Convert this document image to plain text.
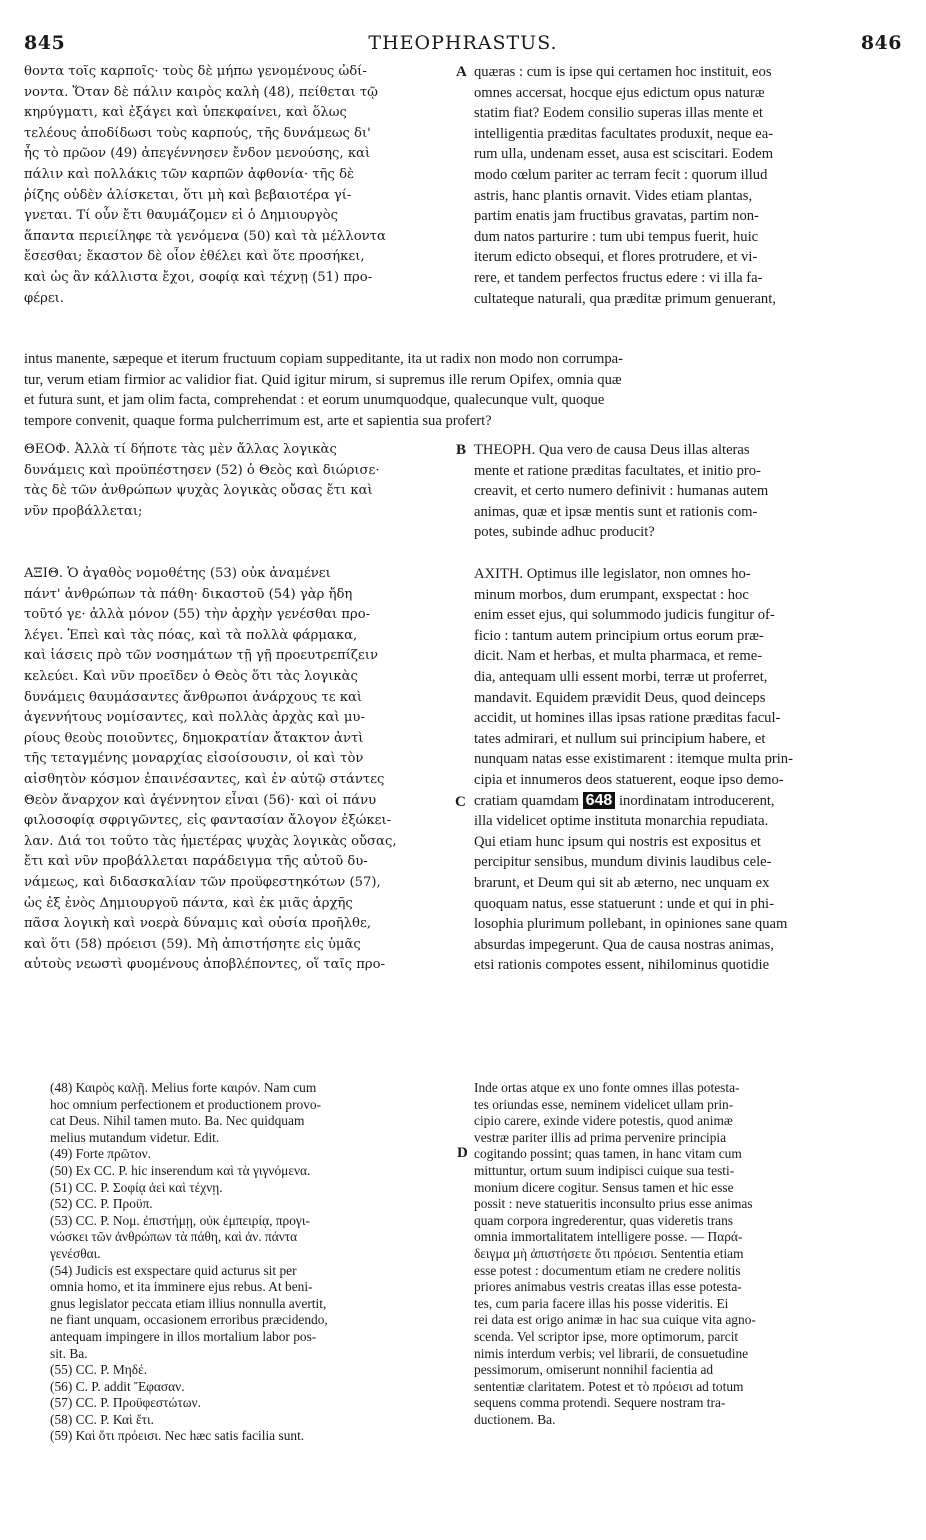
845	THEOPHRASTUS.	846
θοντα τοῖς καρποῖς· τοὺς δὲ μήπω γενομένους ὠδί-
νοντα. Ὅταν δὲ πάλιν καιρὸς καλὴ (48), πείθεται τῷ
κηρύγματι, καὶ ἐξάγει καὶ ὑπεκφαίνει, καὶ ὅλως
τελέους ἀποδίδωσι τοὺς καρπούς, τῆς δυνάμεως δι'
ἧς τὸ πρῶον (49) ἀπεγέννησεν ἔνδον μενούσης, καὶ
πάλιν καὶ πολλάκις τῶν καρπῶν ἀφθονία· τῆς δὲ
ῥίζης οὐδὲν ἁλίσκεται, ὅτι μὴ καὶ βεβαιοτέρα γί-
γνεται. Τί οὖν ἔτι θαυμάζομεν εἰ ὁ Δημιουργὸς
ἅπαντα περιείληφε τὰ γενόμενα (50) καὶ τὰ μέλλοντα
ἔσεσθαι; ἕκαστον δὲ οἷον ἐθέλει καὶ ὅτε προσήκει,
καὶ ὡς ἂν κάλλιστα ἔχοι, σοφίᾳ καὶ τέχνῃ (51) προ-
φέρει.
A quæras : cum is ipse qui certamen hoc instituit, eos
omnes accersat, hocque ejus edictum opus naturæ
statim fiat? Eodem consilio superas illas mente et
intelligentia præditas facultates produxit, neque ea-
rum ulla, undenam esset, ausa est sciscitari. Eodem
modo cœlum pariter ac terram fecit : quorum illud
astris, hanc plantis ornavit. Vides etiam plantas,
partim enatis jam fructibus gravatas, partim non-
dum natos parturire : tum ubi tempus fuerit, huic
iterum edicto obsequi, et flores protrudere, et vi-
rere, et tandem perfectos fructus edere : vi illa fa-
cultateque naturali, qua præditæ primum genuerant,
intus manente, sæpeque et iterum fructuum copiam suppeditante, ita ut radix non modo non corrumpa-
tur, verum etiam firmior ac validior fiat. Quid igitur mirum, si supremus ille rerum Opifex, omnia quæ
et futura sunt, et jam olim facta, comprehendat : et eorum unumquodque, qualecunque vult, quoque
tempore convenit, quaque forma pulcherrimum est, arte et sapientia sua profert?
ΘΕΟΦ. Ἀλλὰ τί δήποτε τὰς μὲν ἄλλας λογικὰς
δυνάμεις καὶ προϋπέστησεν (52) ὁ Θεὸς καὶ διώρισε·
τὰς δὲ τῶν ἀνθρώπων ψυχὰς λογικὰς οὔσας ἔτι καὶ
νῦν προβάλλεται;
B THEOPH. Qua vero de causa Deus illas alteras
mente et ratione præditas facultates, et initio pro-
creavit, et certo numero definivit : humanas autem
animas, quæ et ipsæ mentis sunt et rationis com-
potes, subinde adhuc producit?
ΑΞΙΘ. Ὁ ἀγαθὸς νομοθέτης (53) οὐκ ἀναμένει
πάντ' ἀνθρώπων τὰ πάθη· δικαστοῦ (54) γὰρ ἤδη
τοῦτό γε· ἀλλὰ μόνον (55) τὴν ἀρχὴν γενέσθαι προ-
λέγει. Ἐπεὶ καὶ τὰς πόας, καὶ τὰ πολλὰ φάρμακα,
καὶ ἰάσεις πρὸ τῶν νοσημάτων τῇ γῇ προευτρεπίζειν
κελεύει. Καὶ νῦν προεῖδεν ὁ Θεὸς ὅτι τὰς λογικὰς
δυνάμεις θαυμάσαντες ἄνθρωποι ἀνάρχους τε καὶ
ἀγεννήτους νομίσαντες, καὶ πολλὰς ἀρχὰς καὶ μυ-
ρίους θεοὺς ποιοῦντες, δημοκρατίαν ἄτακτον ἀντὶ
τῆς τεταγμένης μοναρχίας εἰσοίσουσιν, οἱ καὶ τὸν
αἰσθητὸν κόσμον ἐπαινέσαντες, καὶ ἐν αὐτῷ στάντες
Θεὸν ἄναρχον καὶ ἀγέννητον εἶναι (56)· καὶ οἱ πάνυ
φιλοσοφίᾳ σφριγῶντες, εἰς φαντασίαν ἄλογον ἐξώκει-
λαν. Διά τοι τοῦτο τὰς ἡμετέρας ψυχὰς λογικὰς οὔσας,
ἔτι καὶ νῦν προβάλλεται παράδειγμα τῆς αὐτοῦ δυ-
νάμεως, καὶ διδασκαλίαν τῶν προϋφεστηκότων (57),
ὡς ἐξ ἑνὸς Δημιουργοῦ πάντα, καὶ ἐκ μιᾶς ἀρχῆς
πᾶσα λογικὴ καὶ νοερὰ δύναμις καὶ οὐσία προῆλθε,
καὶ ὅτι (58) πρόεισι (59). Μὴ ἀπιστήσητε εἰς ὑμᾶς
αὐτοὺς νεωστὶ φυομένους ἀποβλέποντες, οἵ ταῖς προ-
C
AXITH. Optimus ille legislator, non omnes ho-
minum morbos, dum erumpant, exspectat : hoc
enim esset ejus, qui solummodo judicis fungitur of-
ficio : tantum autem principium ortus eorum præ-
dicit. Nam et herbas, et multa pharmaca, et reme-
dia, antequam ulli essent morbi, terræ ut proferret,
mandavit. Equidem prævidit Deus, quod deinceps
accidit, ut homines illas ipsas ratione præditas facul-
tates admirari, et nullum sui principium habere, et
nunquam natas esse existimarent : itemque multa prin-
cipia et innumeros deos statuerent, eoque ipso demo-
cratiam quamdam 648 inordinatam introducerent,
illa videlicet optime instituta monarchia repudiata.
Qui etiam hunc ipsum qui nostris est expositus et
percipitur sensibus, mundum divinis laudibus cele-
brarunt, et Deum qui sit ab æterno, nec unquam ex
quoquam natus, esse statuerunt : unde et qui in phi-
losophia plurimum pollebant, in opiniones sane quam
absurdas impegerunt. Qua de causa nostras animas,
etsi rationis compotes essent, nihilominus quotidie
(48) Καιρὸς καλῇ. Melius forte καιρόν. Nam cum
hoc omnium perfectionem et productionem provo-
cat Deus. Nihil tamen muto. Ba. Nec quidquam
melius mutandum videtur. Edit.
(49) Forte πρῶτον.
(50) Ex CC. P. hic inserendum καὶ τὰ γιγνόμενα.
(51) CC. P. Σοφίᾳ ἀεὶ καὶ τέχνῃ.
(52) CC. P. Προϋπ.
(53) CC. P. Νομ. ἐπιστήμῃ, οὐκ ἐμπειρίᾳ, προγι-
νώσκει τῶν ἀνθρώπων τὰ πάθη, καὶ ἀν. πάντα
γενέσθαι.
(54) Judicis est exspectare quid acturus sit per
omnia homo, et ita imminere ejus rebus. At beni-
gnus legislator peccata etiam illius nonnulla avertit,
ne fiant unquam, occasionem erroribus præcidendo,
antequam impingere in illos mortalium labor pos-
sit. Ba.
(55) CC. P. Μηδέ.
(56) C. P. addit Ἔφασαν.
(57) CC. P. Προϋφεστώτων.
(58) CC. P. Καὶ ἔτι.
(59) Καὶ ὅτι πρόεισι. Nec hæc satis facilia sunt.
D
Inde ortas atque ex uno fonte omnes illas potesta-
tes oriundas esse, neminem videlicet ullam prin-
cipio carere, exinde videre potestis, quod animæ
vestræ pariter illis ad prima pervenire principia
cogitando possint; quas tamen, in hanc vitam cum
mittuntur, ortum suum indipisci cuique sua testi-
monium dicere cogitur. Sensus tamen et hic esse
possit : neve statueritis inconsulto prius esse animas
quam corpora ingrederentur, quas videretis trans
omnia immortalitatem intelligere posse. — Παρά-
δειγμα μὴ ἀπιστήσετε ὅτι πρόεισι. Sententia etiam
esse potest : documentum etiam ne credere nolitis
priores animabus vestris creatas illas esse potesta-
tes, cum paria facere illas his posse videritis. Ei
rei data est origo animæ in hac sua cuique vita agno-
scenda. Vel scriptor ipse, more optimorum, parcit
nimis interdum verbis; vel librarii, de consuetudine
pessimorum, omiserunt nonnihil facientia ad
sententiæ claritatem. Potest et τὸ πρόεισι ad totum
sequens comma protendi. Sequere nostram tra-
ductionem. Ba.
